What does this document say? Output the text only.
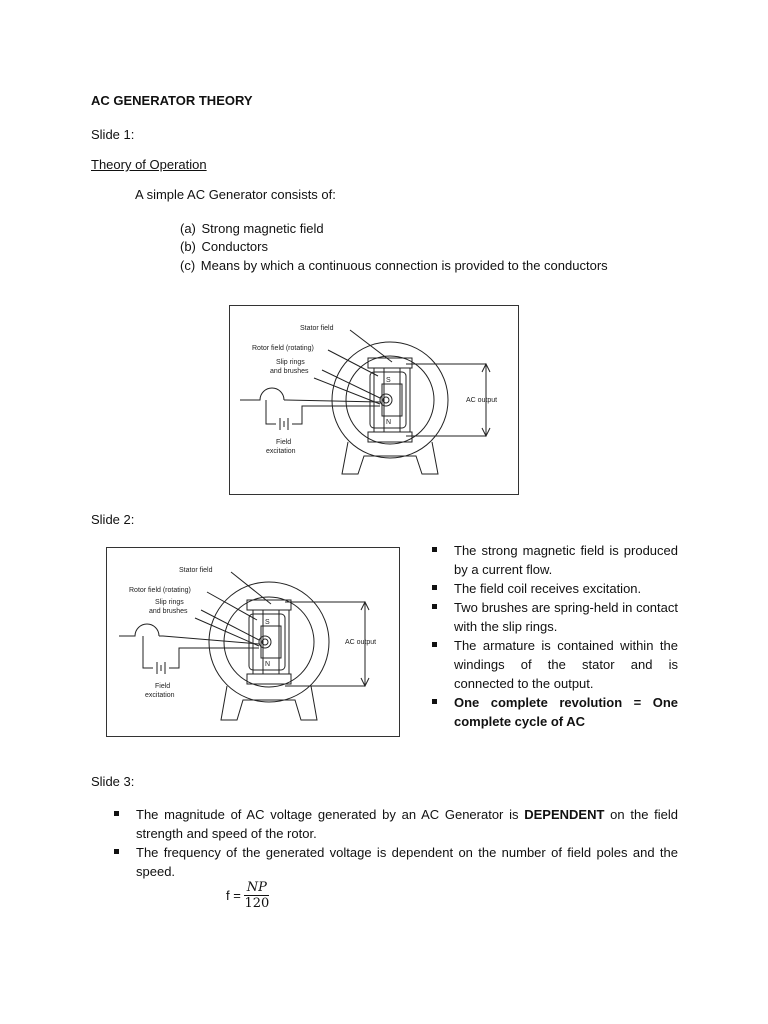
AC GENERATOR THEORY
Slide 1:
Theory of Operation
A simple AC Generator consists of:
(a) Strong magnetic field
(b) Conductors
(c) Means by which a continuous connection is provided to the conductors
Stator field
Rotor field (rotating)
Slip rings
and brushes
S
N
AC output
Field
excitation
Slide 2:
Stator field
Rotor field (rotating)
Slip rings
and brushes
S
N
AC output
Field
excitation
The strong magnetic field is produced by a current flow.
The field coil receives excitation.
Two brushes are spring-held in contact with the slip rings.
The armature is contained within the windings of the stator and is connected to the output.
One complete revolution = One complete cycle of AC
Slide 3:
The magnitude of AC voltage generated by an AC Generator is DEPENDENT on the field strength and speed of the rotor.
The frequency of the generated voltage is dependent on the number of field poles and the speed.
$f = \frac{NP}{120}$
